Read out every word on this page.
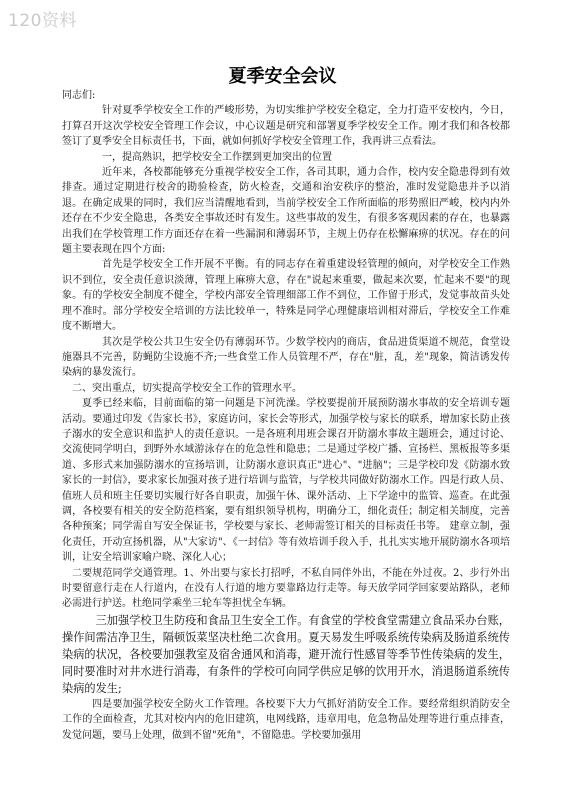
120资料
夏季安全会议

同志们:

针对夏季学校安全工作的严峻形势，为切实维护学校安全稳定，全力打造平安校内，今日，打算召开这次学校安全管理工作会议，中心议题是研究和部署夏季学校安全工作。刚才我们和各校都签订了夏季安全目标责任书，下面，就如何抓好学校安全管理工作，我再讲三点看法。

一，提高熟识，把学校安全工作摆到更加突出的位置

近年来，各校都能够充分重视学校安全工作，各司其职，通力合作，校内安全隐患得到有效排查。通过定期进行校舍的勘验检查，防火检查，交通和治安秩序的整治，准时发觉隐患并予以消退。在确定成果的同时，我们应当清醒地看到，当前学校安全工作所面临的形势照旧严峻，校内内外还存在不少安全隐患，各类安全事故还时有发生。这些事故的发生，有很多客观因素的存在，也暴露出我们在学校管理工作方面还存在着一些漏洞和薄弱环节，主规上仍存在松懈麻痹的状况。存在的问题主要表现在四个方面:

首先是学校安全工作开展不平衡。有的同志存在着重建设轻管理的倾向，对学校安全工作熟识不到位，安全责任意识淡薄，管理上麻痹大意，存在"说起来重要，做起来次要，忙起来不要"的现象。有的学校安全制度不健全，学校内部安全管理细部工作不到位，工作留于形式，发觉事故苗头处理不准时。部分学校安全培训的方法比较单一，特殊是同学心理健康培训相对滞后，学校安全工作难度不断增大。

其次是学校公共卫生安全仍有薄弱环节。少数学校内的商店，食品进货渠道不规范，食堂设施器具不完善，防蝇防尘设施不齐;一些食堂工作人员管理不严，存在"脏，乱，差"现象，简洁诱发传染病的暴发流行。

二、突出重点，切实提高学校安全工作的管理水平。

夏季已经来临，目前面临的第一问题是下河洗澡。学校要提前开展预防溺水事故的安全培训专题活动。要通过印发《告家长书》，家庭访问，家长会等形式，加强学校与家长的联系，增加家长防止孩子溺水的安全意识和监护人的责任意识。一是各班利用班会课召开防溺水事故主题班会，通过讨论、交流使同学明白，到野外水域游泳存在的危急性和隐患；二是通过学校广播、宣扬栏、黑板报等多渠道、多形式来加强防溺水的宣扬培训，让防溺水意识真正"进心"、"进脑"；三是学校印发《防溺水致家长的一封信》，要求家长加强对孩子进行培训与监管，与学校共同做好防溺水工作。四是行政人员、值班人员和班主任要切实履行好各自职责，加强午休、课外活动、上下学途中的监管、巡查。在此强调，各校要有相关的安全防范档案，要有组织领导机构，明确分工，细化责任；制定相关制度，完善各种预案；同学需自写安全保证书，学校要与家长、老师需签订相关的目标责任书等。 建章立制，强化责任，开动宣扬机器，从"大家访"、《一封信》等有效培训手段入手，扎扎实实地开展防溺水各项培训，让安全培训家喻户晓、深化人心；

二要规范同学交通管理。1、外出要与家长打招呼，不私自同伴外出，不能在外过夜。2、步行外出时要留意行走在人行道内，在没有人行道的地方要靠路边行走等。每天放学同学回家要站路队，老师必需进行护送。杜绝同学乘坐三轮车等担忧全车辆。

三加强学校卫生防疫和食品卫生安全工作。有食堂的学校食堂需建立食品采办台账，操作间需洁净卫生，隔顿饭菜坚决杜绝二次食用。夏天易发生呼吸系统传染病及肠道系统传染病的状况，各校要加强教室及宿舍通风和消毒，避开流行性感冒等季节性传染病的发生，同时要准时对井水进行消毒，有条件的学校可向同学供应足够的饮用开水，消退肠道系统传染病的发生;

四是要加强学校安全防火工作管理。各校要下大力气抓好消防安全工作。要经常组织消防安全工作的全面检查，尤其对校内内的危旧建筑，电网线路，违章用电，危急物品处理等进行重点排查，发觉问题，要马上处理，做到不留"死角"，不留隐患。学校要加强用
